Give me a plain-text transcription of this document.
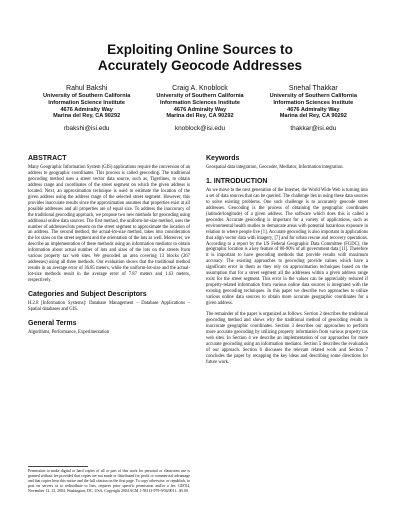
Exploiting Online Sources to
Accurately Geocode Addresses
Rahul Bakshi
University of Southern California
Information Science Institute
4676 Admiralty Way
Marina del Rey, CA 90292
rbakshi@isi.edu
Craig A. Knoblock
University of Southern California
Information Sciences Institute
4676 Admiralty Way
Marina del Rey, CA 90292
knoblock@isi.edu
Snehal Thakkar
University of Southern California
Information Sciences Institute
4676 Admiralty Way
Marina del Rey, CA 90292
thakkar@isi.edu
ABSTRACT

Many Geographic Information System (GIS) applications require the conversion of an address to geographic coordinates. This process is called geocoding. The traditional geocoding method uses a street vector data source, such as, Tigerlines, to obtain address range and coordinates of the street segment on which the given address is located. Next, an approximation technique is used to estimate the location of the given address using the address range of the selected street segment. However, this provides inaccurate results since the approximation assumes that properties exist at all possible addresses and all properties are of equal size. To address the inaccuracy of the traditional geocoding approach, we propose two new methods for geocoding using additional online data sources. The first method, the uniform-lot-size method, uses the number of addresses/lots present on the street segment to approximate the location of an address. The second method, the actual-lot-size method, takes into consideration the lot sizes on the street segment and the orientation of the lots as well. Moreover, we describe an implementation of these methods using an information mediator to obtain information about actual number of lots and sizes of the lots on the streets from various property tax web sites. We geocoded an area covering 13 blocks (267 addresses) using all three methods. Our evaluation shows that the traditional method results in an average error of 36.85 meters, while the uniform-lot-size and the actual-lot-size methods result in the average error of 7.87 meters and 1.63 meters, respectively.

Categories and Subject Descriptors

H.2.8 [Information Systems]: Database Management – Database Applications – Spatial databases and GIS.

General Terms

Algorithms, Performance, Experimentation

Permission to make digital or hard copies of all or part of this work for personal or classroom use is granted without fee provided that copies are not made or distributed for profit or commercial advantage and that copies bear this notice and the full citation on the first page. To copy otherwise, or republish, to post on servers or to redistribute to lists, requires prior specific permission and/or a fee. GIS'04, November 12–13, 2004, Washington, DC, USA. Copyright 2004 ACM 1-58113-979-9/04/0011...$5.00.
Keywords

Geospatial data integration, Geocoder, Mediator, Information integration.

1. INTRODUCTION

As we move to the next generation of the Internet, the World Wide Web is turning into a set of data sources that can be queried. The challenge lies in using these data sources to solve existing problems. One such challenge is to accurately geocode street addresses. Geocoding is the process of obtaining the geographic coordinates (latitude/longitude) of a given address. The software which does this is called a geocoder. Accurate geocoding is important for a variety of applications, such as environmental health studies to demarcate areas with potential hazardous exposure in relation to where people live [1]. Accurate geocoding is also important in applications that align vector data with imagery, [7] and for urban rescue and recovery operations. According to a report by the US Federal Geographic Data Committee (FGDC), the geographic location is a key feature of 80-90% of all government data [11]. Therefore it is important to have geocoding methods that provide results with maximum accuracy. The existing approaches to geocoding provide values which have a significant error in them as they rely on approximation techniques based on the assumption that for a street segment all the addresses within a given address range exist for the street segment. This error in the values can be appreciably reduced if property-related information from various online data sources is integrated with the existing geocoding techniques. In this paper we describe two approaches to utilize various online data sources to obtain more accurate geographic coordinates for a given address.

The remainder of the paper is organized as follows. Section 2 describes the traditional geocoding method and shows why the traditional method of geocoding results in inaccurate geographic coordinates. Section 3 describes our approaches to perform more accurate geocoding by utilizing property information from various property tax web sites. In Section 4 we describe an implementation of our approaches for more accurate geocoding using an information mediator. Section 5 describes the evaluation of our approach. Section 6 discusses the relevant related work and Section 7 concludes the paper by recapping the key ideas and describing some directions for future work.
